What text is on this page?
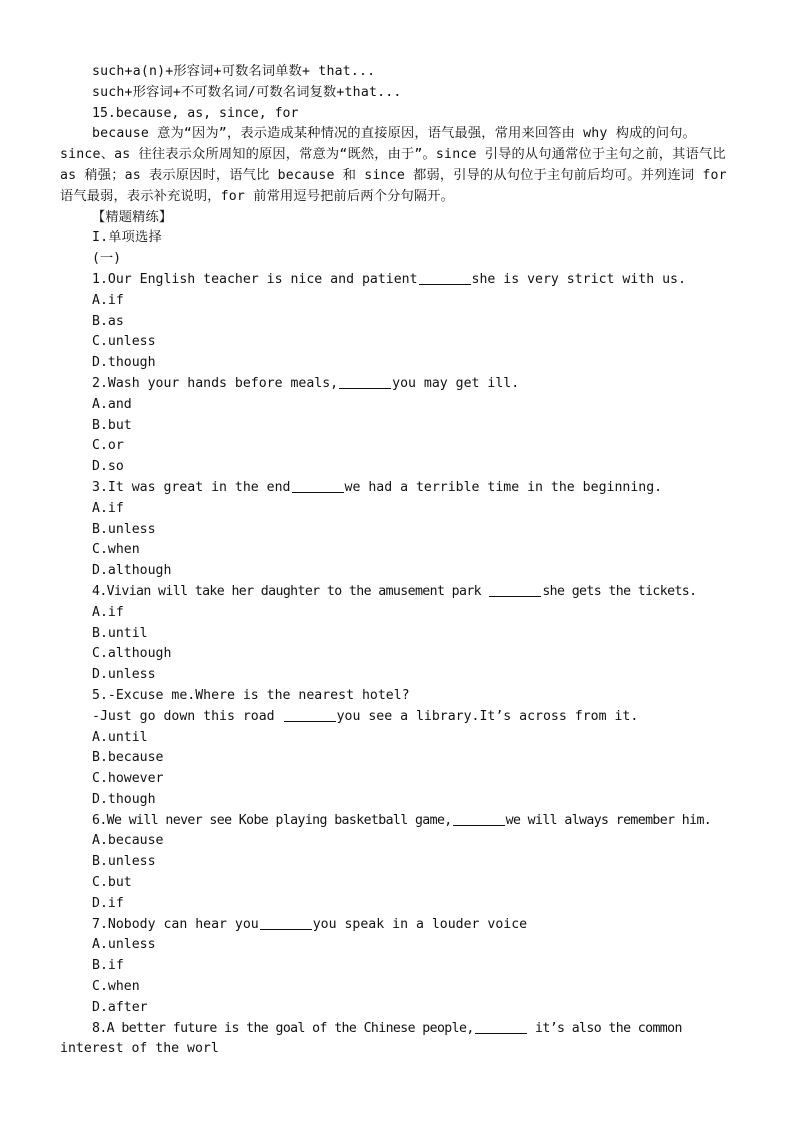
such+a(n)+形容词+可数名词单数+ that...
such+形容词+不可数名词/可数名词复数+that...
15.because, as, since, for
because 意为“因为”，表示造成某种情况的直接原因，语气最强，常用来回答由 why 构成的问句。since、as 往往表示众所周知的原因，常意为“既然，由于”。since 引导的从句通常位于主句之前，其语气比 as 稍强；as 表示原因时，语气比 because 和 since 都弱，引导的从句位于主句前后均可。并列连词 for 语气最弱，表示补充说明，for 前常用逗号把前后两个分句隔开。
【精题精练】
I.单项选择
(一)
1.Our English teacher is nice and patient	she is very strict with us.
A.if
B.as
C.unless
D.though
2.Wash your hands before meals,	you may get ill.
A.and
B.but
C.or
D.so
3.It was great in the end	we had a terrible time in the beginning.
A.if
B.unless
C.when
D.although
4.Vivian will take her daughter to the amusement park	she gets the tickets.
A.if
B.until
C.although
D.unless
5.-Excuse me.Where is the nearest hotel?
-Just go down this road	you see a library.It’s across from it.
A.until
B.because
C.however
D.though
6.We will never see Kobe playing basketball game,	we will always remember him.
A.because
B.unless
C.but
D.if
7.Nobody can hear you	you speak in a louder voice
A.unless
B.if
C.when
D.after
8.A better future is the goal of the Chinese people,	it’s also the common
interest of the worl
